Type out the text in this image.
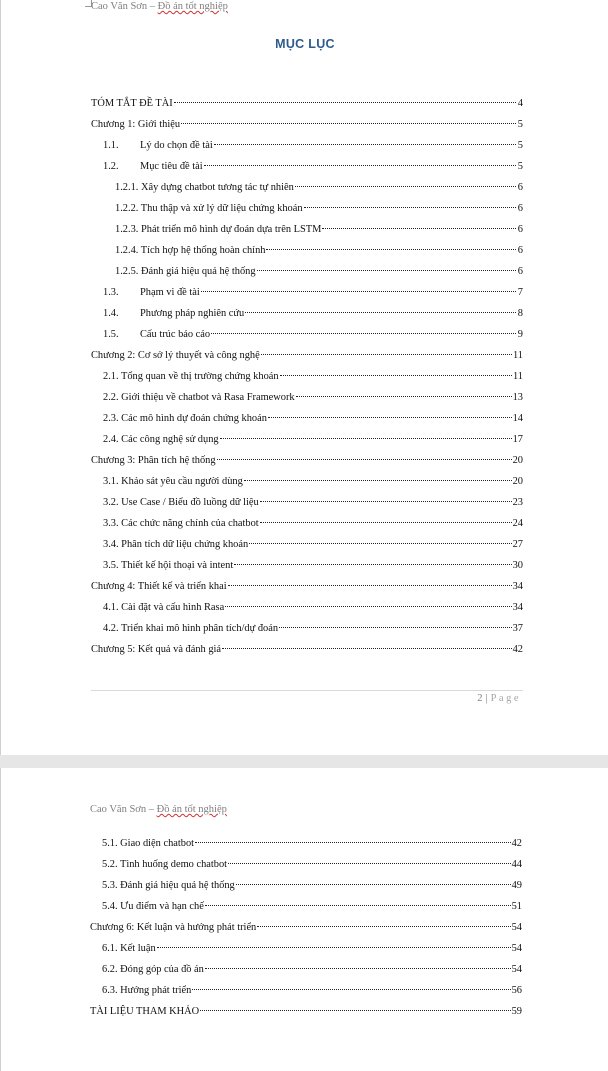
Cao Văn Sơn – Đồ án tốt nghiệp
MỤC LỤC
TÓM TẮT ĐỀ TÀI	4
Chương 1: Giới thiệu	5
1.1.	Lý do chọn đề tài	5
1.2.	Mục tiêu đề tài	5
1.2.1. Xây dựng chatbot tương tác tự nhiên	6
1.2.2. Thu thập và xử lý dữ liệu chứng khoán	6
1.2.3. Phát triển mô hình dự đoán dựa trên LSTM	6
1.2.4. Tích hợp hệ thống hoàn chỉnh	6
1.2.5. Đánh giá hiệu quả hệ thống	6
1.3.	Phạm vi đề tài	7
1.4.	Phương pháp nghiên cứu	8
1.5.	Cấu trúc báo cáo	9
Chương 2: Cơ sở lý thuyết và công nghệ	11
2.1. Tổng quan về thị trường chứng khoán	11
2.2. Giới thiệu về chatbot và Rasa Framework	13
2.3. Các mô hình dự đoán chứng khoán	14
2.4. Các công nghệ sử dụng	17
Chương 3: Phân tích hệ thống	20
3.1. Khảo sát yêu cầu người dùng	20
3.2. Use Case / Biểu đồ luồng dữ liệu	23
3.3. Các chức năng chính của chatbot	24
3.4. Phân tích dữ liệu chứng khoán	27
3.5. Thiết kế hội thoại và intent	30
Chương 4: Thiết kế và triển khai	34
4.1. Cài đặt và cấu hình Rasa	34
4.2. Triển khai mô hình phân tích/dự đoán	37
Chương 5: Kết quả và đánh giá	42
2 | Page
Cao Văn Sơn – Đồ án tốt nghiệp
5.1. Giao diện chatbot	42
5.2. Tình huống demo chatbot	44
5.3. Đánh giá hiệu quả hệ thống	49
5.4. Ưu điểm và hạn chế	51
Chương 6: Kết luận và hướng phát triển	54
6.1. Kết luận	54
6.2. Đóng góp của đồ án	54
6.3. Hướng phát triển	56
TÀI LIỆU THAM KHẢO	59
